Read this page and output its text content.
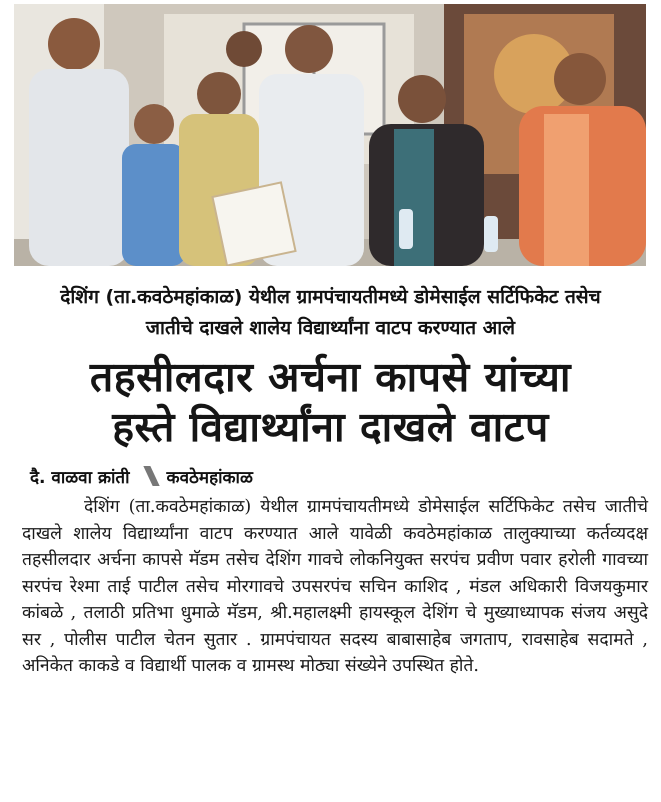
देशिंग (ता.कवठेमहांकाळ) येथील ग्रामपंचायतीमध्ये डोमेसाईल सर्टिफिकेट तसेच
जातीचे दाखले शालेय विद्यार्थ्यांना वाटप करण्यात आले
तहसीलदार अर्चना कापसे यांच्या
हस्ते विद्यार्थ्यांना दाखले वाटप
दै. वाळवा क्रांती कवठेमहांकाळ
देशिंग (ता.कवठेमहांकाळ) येथील ग्रामपंचायतीमध्ये डोमेसाईल सर्टिफिकेट तसेच जातीचे दाखले शालेय विद्यार्थ्यांना वाटप करण्यात आले यावेळी कवठेमहांकाळ तालुक्याच्या कर्तव्यदक्ष तहसीलदार अर्चना कापसे मॅडम तसेच देशिंग गावचे लोकनियुक्त सरपंच प्रवीण पवार हरोली गावच्या सरपंच रेश्मा ताई पाटील तसेच मोरगावचे उपसरपंच सचिन काशिद , मंडल अधिकारी विजयकुमार कांबळे , तलाठी प्रतिभा धुमाळे मॅडम, श्री.महालक्ष्मी हायस्कूल देशिंग चे मुख्याध्यापक संजय असुदे सर , पोलीस पाटील चेतन सुतार . ग्रामपंचायत सदस्य बाबासाहेब जगताप, रावसाहेब सदामते , अनिकेत काकडे व विद्यार्थी पालक व ग्रामस्थ मोठ्या संख्येने उपस्थित होते.
